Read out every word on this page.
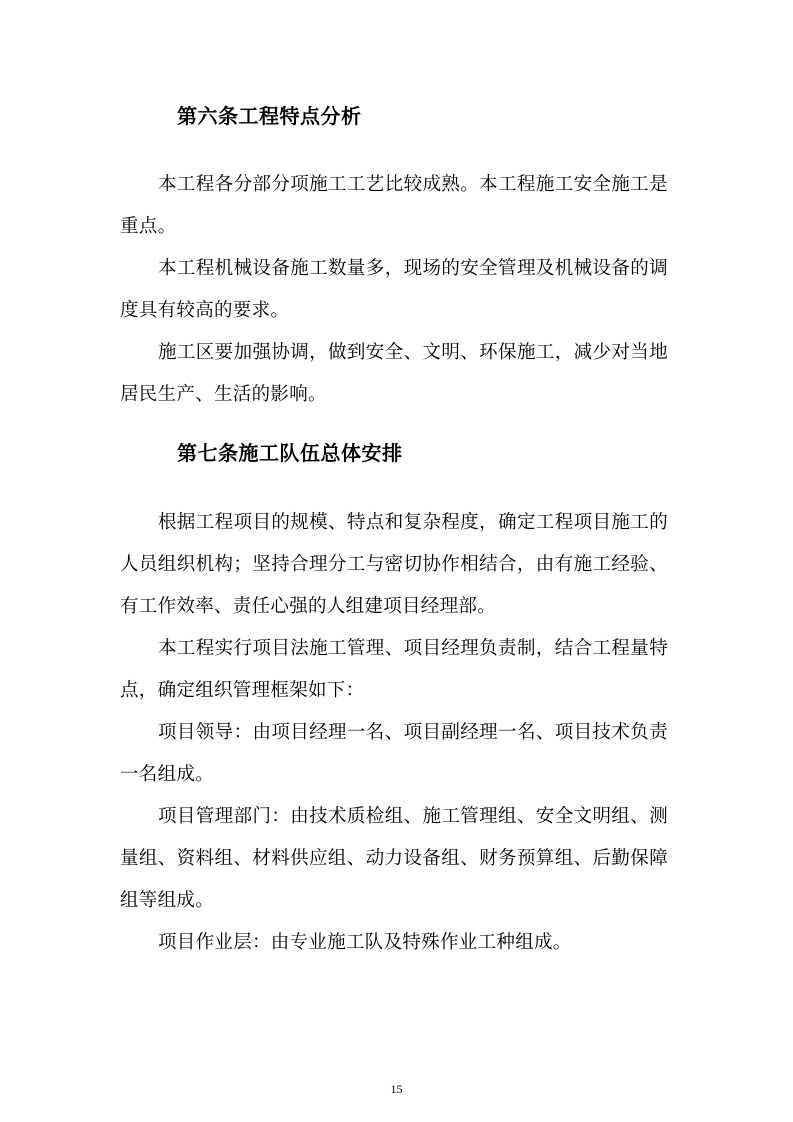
第六条工程特点分析

本工程各分部分项施工工艺比较成熟。本工程施工安全施工是重点。

本工程机械设备施工数量多，现场的安全管理及机械设备的调度具有较高的要求。

施工区要加强协调，做到安全、文明、环保施工，减少对当地居民生产、生活的影响。

第七条施工队伍总体安排

根据工程项目的规模、特点和复杂程度，确定工程项目施工的人员组织机构；坚持合理分工与密切协作相结合，由有施工经验、有工作效率、责任心强的人组建项目经理部。

本工程实行项目法施工管理、项目经理负责制，结合工程量特点，确定组织管理框架如下：

项目领导：由项目经理一名、项目副经理一名、项目技术负责一名组成。

项目管理部门：由技术质检组、施工管理组、安全文明组、测量组、资料组、材料供应组、动力设备组、财务预算组、后勤保障组等组成。

项目作业层：由专业施工队及特殊作业工种组成。

15
